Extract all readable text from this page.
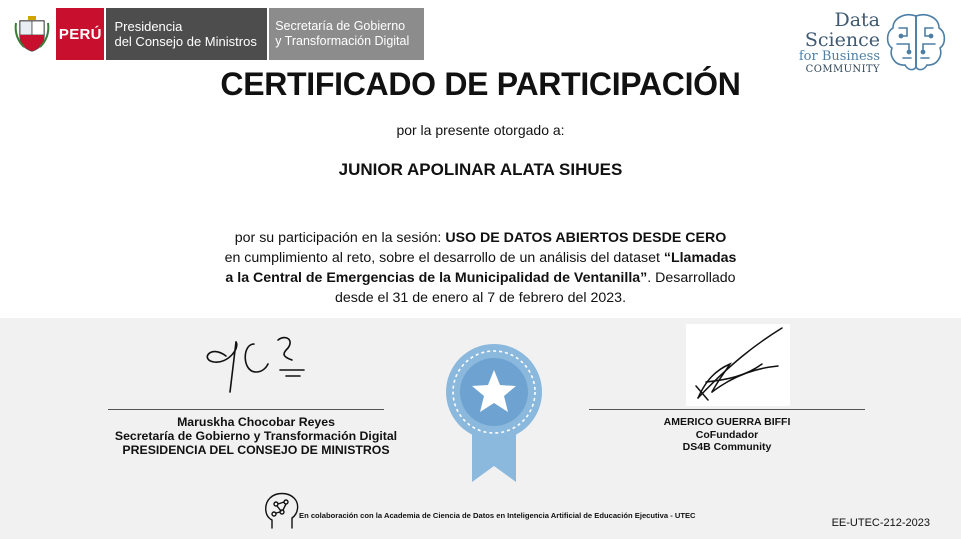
PERÚ Presidencia
del Consejo de Ministros
Secretaría de Gobierno
y Transformación Digital
Data
Science
for Business
COMMUNITY
CERTIFICADO DE PARTICIPACIÓN
por la presente otorgado a:
JUNIOR APOLINAR ALATA SIHUES
por su participación en la sesión: USO DE DATOS ABIERTOS DESDE CERO
en cumplimiento al reto, sobre el desarrollo de un análisis del dataset “Llamadas
a la Central de Emergencias de la Municipalidad de Ventanilla”. Desarrollado
desde el 31 de enero al 7 de febrero del 2023.
Maruskha Chocobar Reyes
Secretaría de Gobierno y Transformación Digital
PRESIDENCIA DEL CONSEJO DE MINISTROS
AMERICO GUERRA BIFFI
CoFundador
DS4B Community
En colaboración con la Academia de Ciencia de Datos en Inteligencia Artificial de Educación Ejecutiva - UTEC
EE-UTEC-212-2023
